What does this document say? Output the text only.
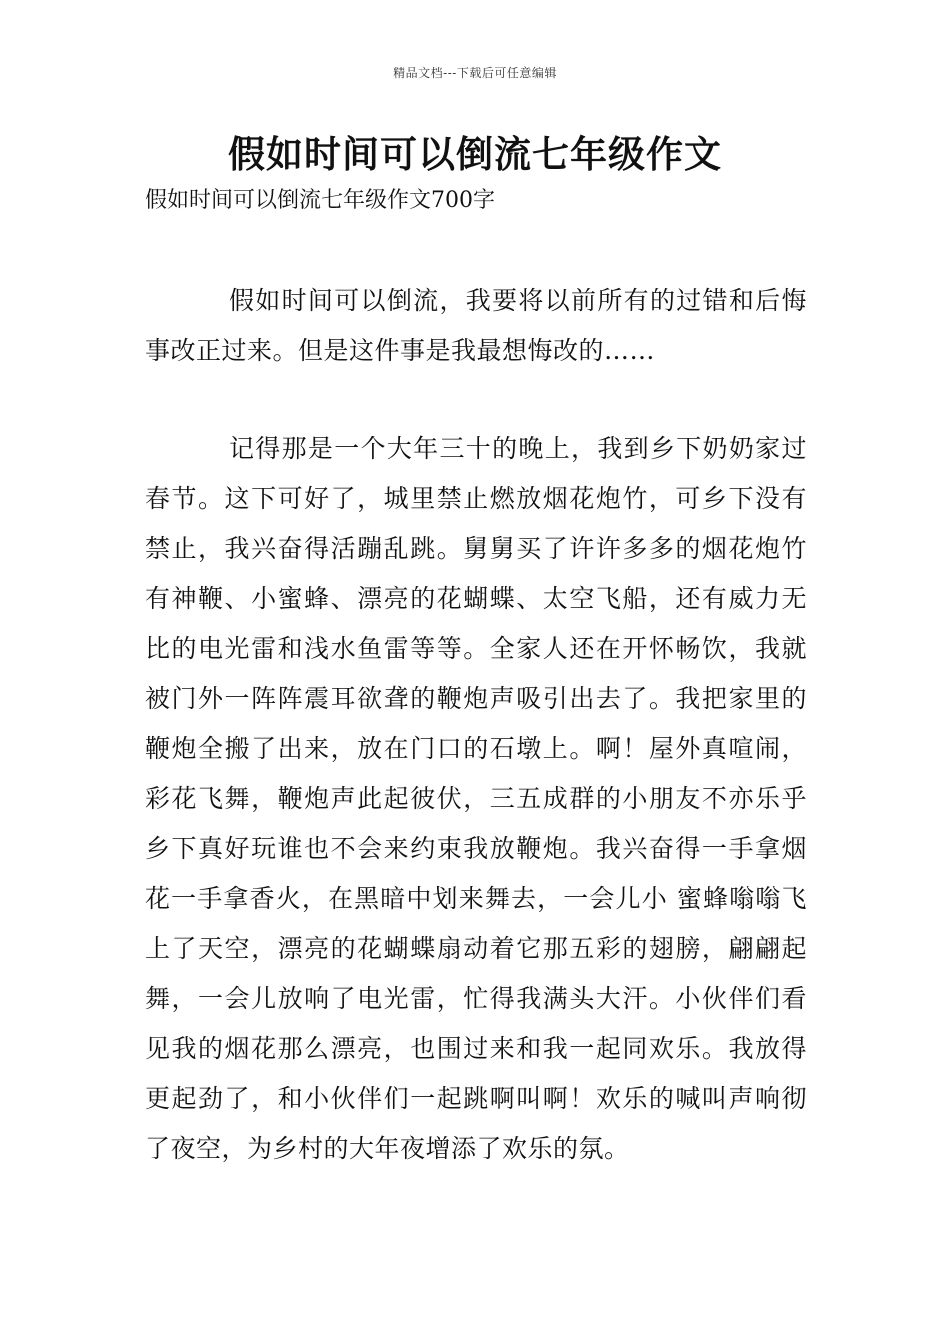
精品文档---下载后可任意编辑
假如时间可以倒流七年级作文

假如时间可以倒流七年级作文700字

假如时间可以倒流，我要将以前所有的过错和后悔事改正过来。但是这件事是我最想悔改的……

记得那是一个大年三十的晚上，我到乡下奶奶家过春节。这下可好了，城里禁止燃放烟花炮竹，可乡下没有禁止，我兴奋得活蹦乱跳。舅舅买了许许多多的烟花炮竹有神鞭、小蜜蜂、漂亮的花蝴蝶、太空飞船，还有威力无比的电光雷和浅水鱼雷等等。全家人还在开怀畅饮，我就被门外一阵阵震耳欲聋的鞭炮声吸引出去了。我把家里的鞭炮全搬了出来，放在门口的石墩上。啊！屋外真喧闹，彩花飞舞，鞭炮声此起彼伏，三五成群的小朋友不亦乐乎乡下真好玩谁也不会来约束我放鞭炮。我兴奋得一手拿烟花一手拿香火，在黑暗中划来舞去，一会儿小 蜜蜂嗡嗡飞上了天空，漂亮的花蝴蝶扇动着它那五彩的翅膀，翩翩起舞，一会儿放响了电光雷，忙得我满头大汗。小伙伴们看见我的烟花那么漂亮，也围过来和我一起同欢乐。我放得更起劲了，和小伙伴们一起跳啊叫啊！欢乐的喊叫声响彻了夜空，为乡村的大年夜增添了欢乐的氛。
